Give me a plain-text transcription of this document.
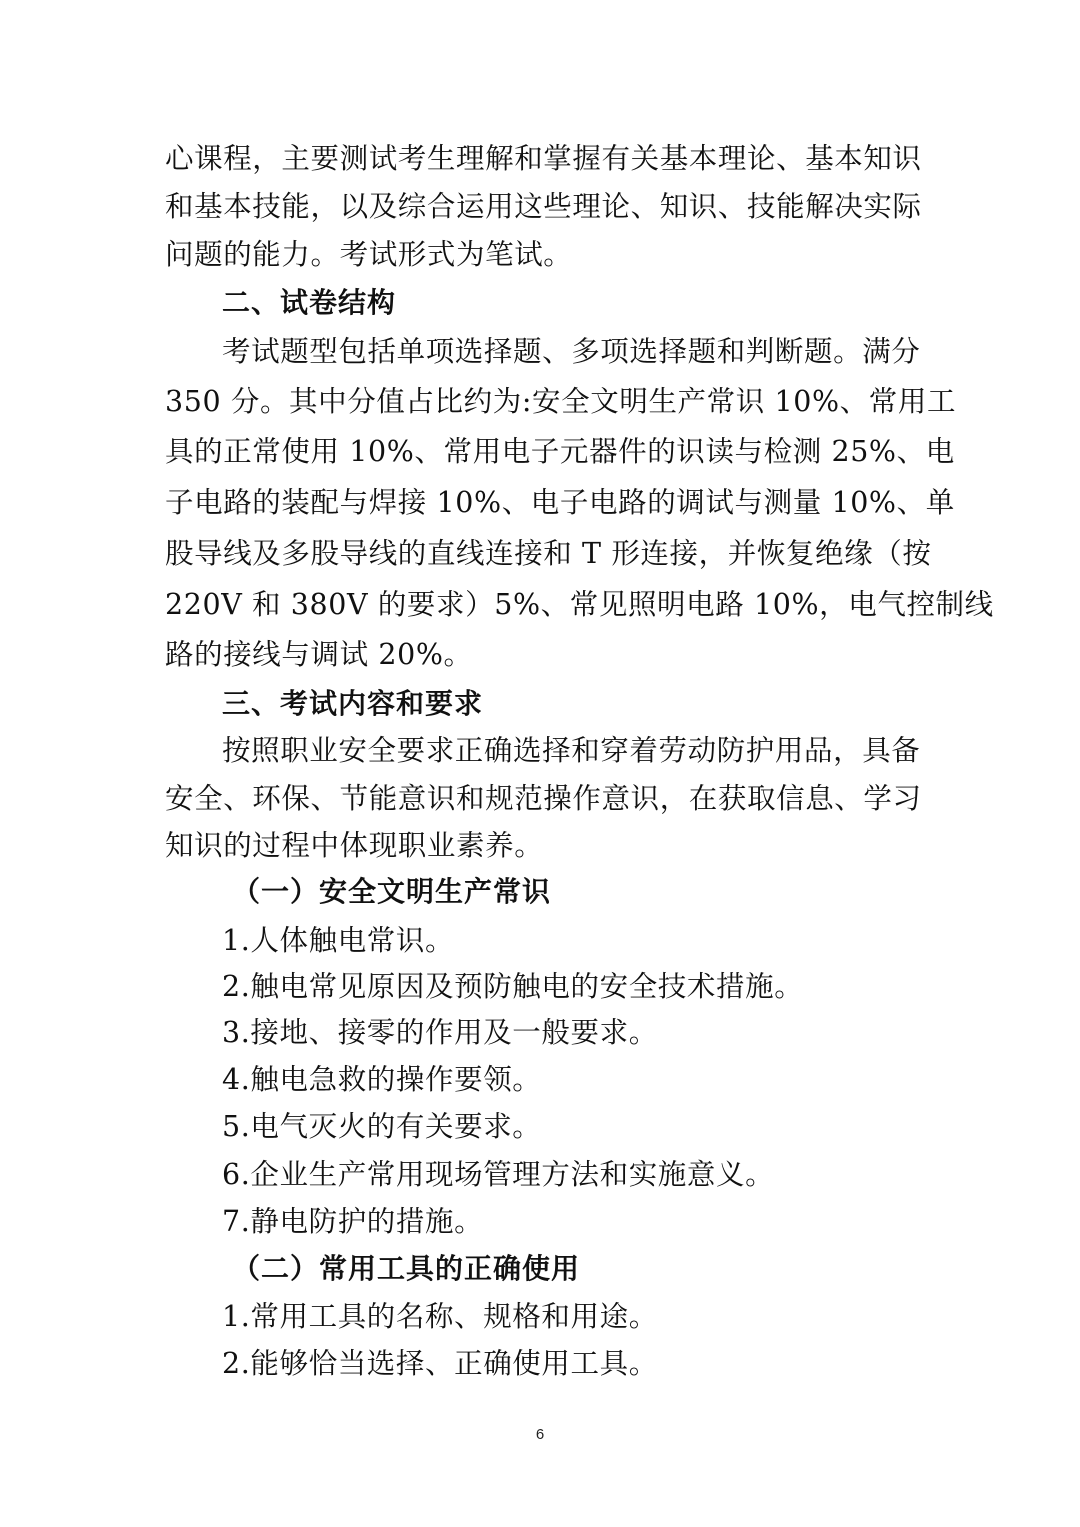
心课程，主要测试考生理解和掌握有关基本理论、基本知识
和基本技能，以及综合运用这些理论、知识、技能解决实际
问题的能力。考试形式为笔试。
二、试卷结构
考试题型包括单项选择题、多项选择题和判断题。满分
350 分。其中分值占比约为:安全文明生产常识 10%、常用工
具的正常使用 10%、常用电子元器件的识读与检测 25%、电
子电路的装配与焊接 10%、电子电路的调试与测量 10%、单
股导线及多股导线的直线连接和 T 形连接，并恢复绝缘（按
220V 和 380V 的要求）5%、常见照明电路 10%，电气控制线
路的接线与调试 20%。
三、考试内容和要求
按照职业安全要求正确选择和穿着劳动防护用品，具备
安全、环保、节能意识和规范操作意识，在获取信息、学习
知识的过程中体现职业素养。
（一）安全文明生产常识
1.人体触电常识。
2.触电常见原因及预防触电的安全技术措施。
3.接地、接零的作用及一般要求。
4.触电急救的操作要领。
5.电气灭火的有关要求。
6.企业生产常用现场管理方法和实施意义。
7.静电防护的措施。
（二）常用工具的正确使用
1.常用工具的名称、规格和用途。
2.能够恰当选择、正确使用工具。
6
